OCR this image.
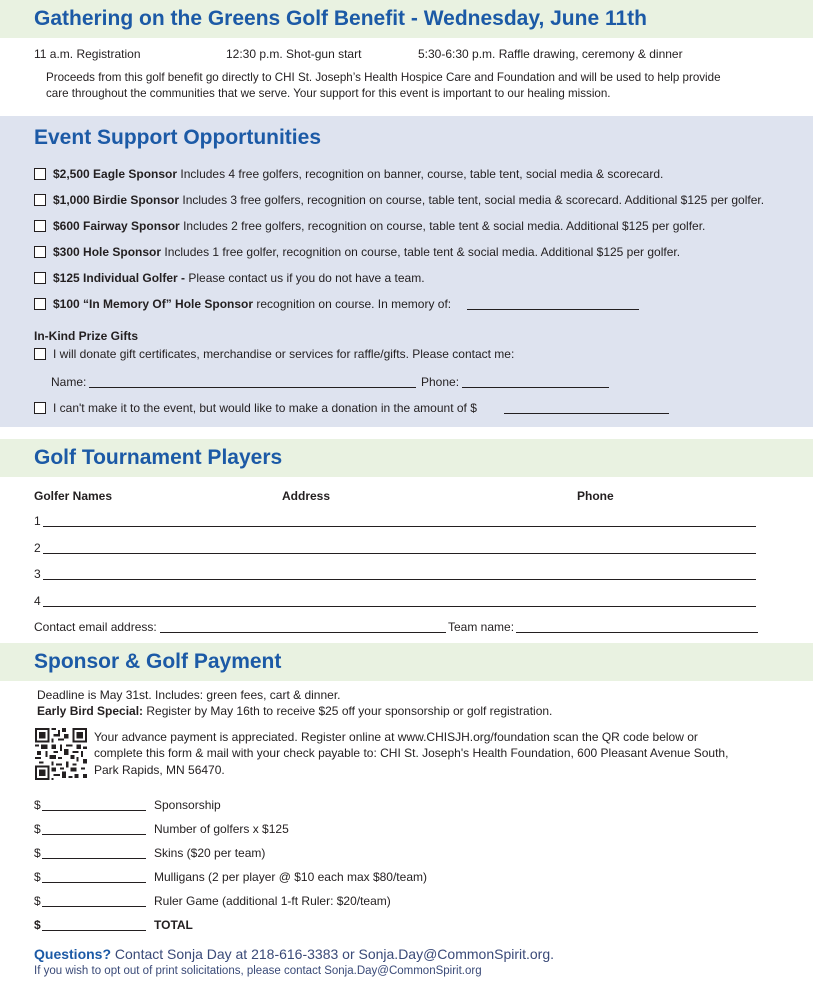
Gathering on the Greens Golf Benefit - Wednesday, June 11th
11 a.m. Registration	12:30 p.m. Shot-gun start	5:30-6:30 p.m. Raffle drawing, ceremony & dinner
Proceeds from this golf benefit go directly to CHI St. Joseph’s Health Hospice Care and Foundation and will be used to help provide
care throughout the communities that we serve. Your support for this event is important to our healing mission.
Event Support Opportunities
$2,500 Eagle Sponsor Includes 4 free golfers, recognition on banner, course, table tent, social media & scorecard.
$1,000 Birdie Sponsor Includes 3 free golfers, recognition on course, table tent, social media & scorecard. Additional $125 per golfer.
$600 Fairway Sponsor Includes 2 free golfers, recognition on course, table tent & social media. Additional $125 per golfer.
$300 Hole Sponsor Includes 1 free golfer, recognition on course, table tent & social media. Additional $125 per golfer.
$125 Individual Golfer - Please contact us if you do not have a team.
$100 “In Memory Of” Hole Sponsor recognition on course. In memory of:
In-Kind Prize Gifts
I will donate gift certificates, merchandise or services for raffle/gifts. Please contact me:
Name:	Phone:
I can't make it to the event, but would like to make a donation in the amount of $
Golf Tournament Players
Golfer Names	Address	Phone
1
2
3
4
Contact email address:	Team name:
Sponsor & Golf Payment
Deadline is May 31st. Includes: green fees, cart & dinner.
Early Bird Special: Register by May 16th to receive $25 off your sponsorship or golf registration.
Your advance payment is appreciated. Register online at www.CHISJH.org/foundation scan the QR code below or
complete this form & mail with your check payable to: CHI St. Joseph's Health Foundation, 600 Pleasant Avenue South,
Park Rapids, MN 56470.
$	Sponsorship
$	Number of golfers x $125
$	Skins ($20 per team)
$	Mulligans (2 per player @ $10 each max $80/team)
$	Ruler Game (additional 1-ft Ruler: $20/team)
$	TOTAL
Questions? Contact Sonja Day at 218-616-3383 or Sonja.Day@CommonSpirit.org.
If you wish to opt out of print solicitations, please contact Sonja.Day@CommonSpirit.org
